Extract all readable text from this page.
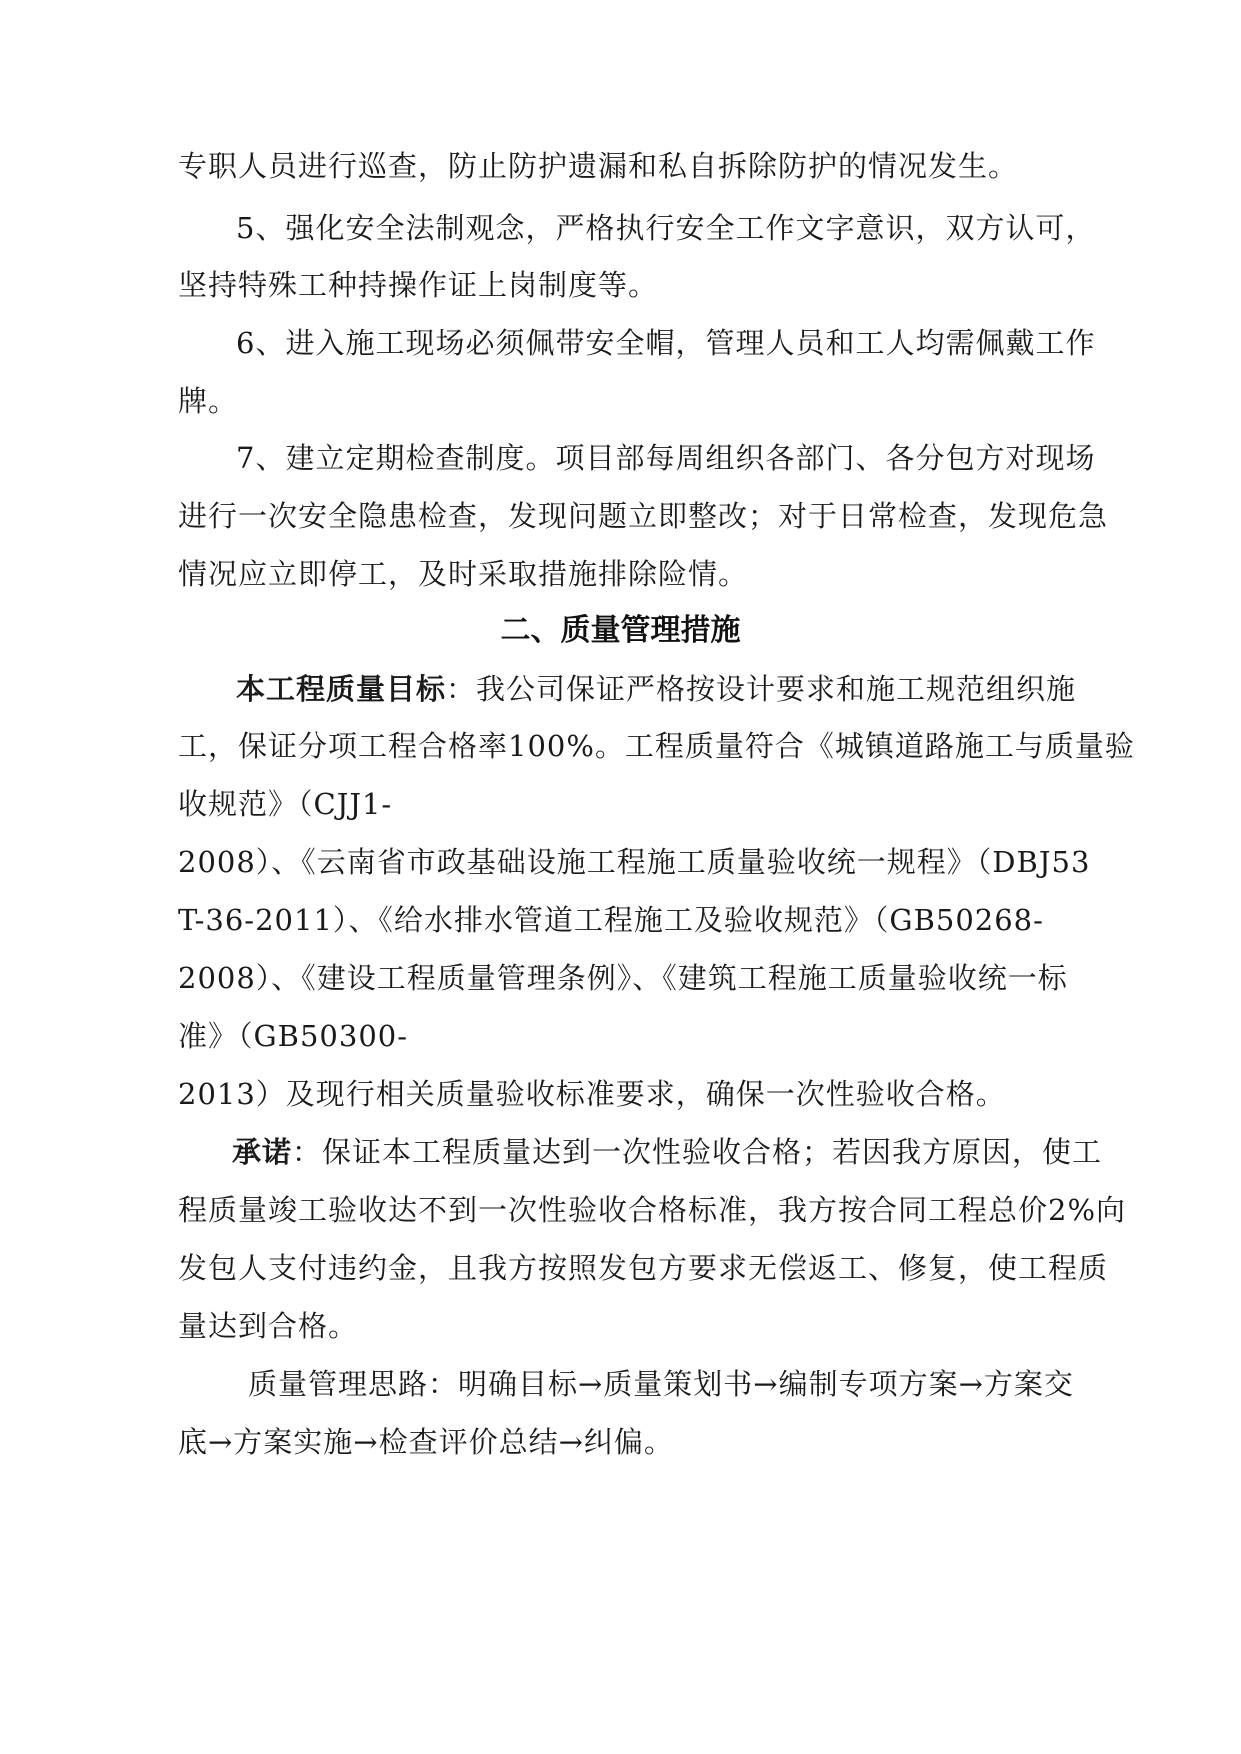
专职人员进行巡查，防止防护遗漏和私自拆除防护的情况发生。
5、强化安全法制观念，严格执行安全工作文字意识，双方认可，
坚持特殊工种持操作证上岗制度等。
6、进入施工现场必须佩带安全帽，管理人员和工人均需佩戴工作
牌。
7、建立定期检查制度。项目部每周组织各部门、各分包方对现场
进行一次安全隐患检查，发现问题立即整改；对于日常检查，发现危急
情况应立即停工，及时采取措施排除险情。
二、质量管理措施
本工程质量目标：我公司保证严格按设计要求和施工规范组织施
工，保证分项工程合格率100%。工程质量符合《城镇道路施工与质量验
收规范》（CJJ1-
2008）、《云南省市政基础设施工程施工质量验收统一规程》（DBJ53
T-36-2011）、《给水排水管道工程施工及验收规范》（GB50268-
2008）、《建设工程质量管理条例》、《建筑工程施工质量验收统一标
准》（GB50300-
2013）及现行相关质量验收标准要求，确保一次性验收合格。
承诺：保证本工程质量达到一次性验收合格；若因我方原因，使工
程质量竣工验收达不到一次性验收合格标准，我方按合同工程总价2%向
发包人支付违约金，且我方按照发包方要求无偿返工、修复，使工程质
量达到合格。
质量管理思路：明确目标→质量策划书→编制专项方案→方案交
底→方案实施→检查评价总结→纠偏。
